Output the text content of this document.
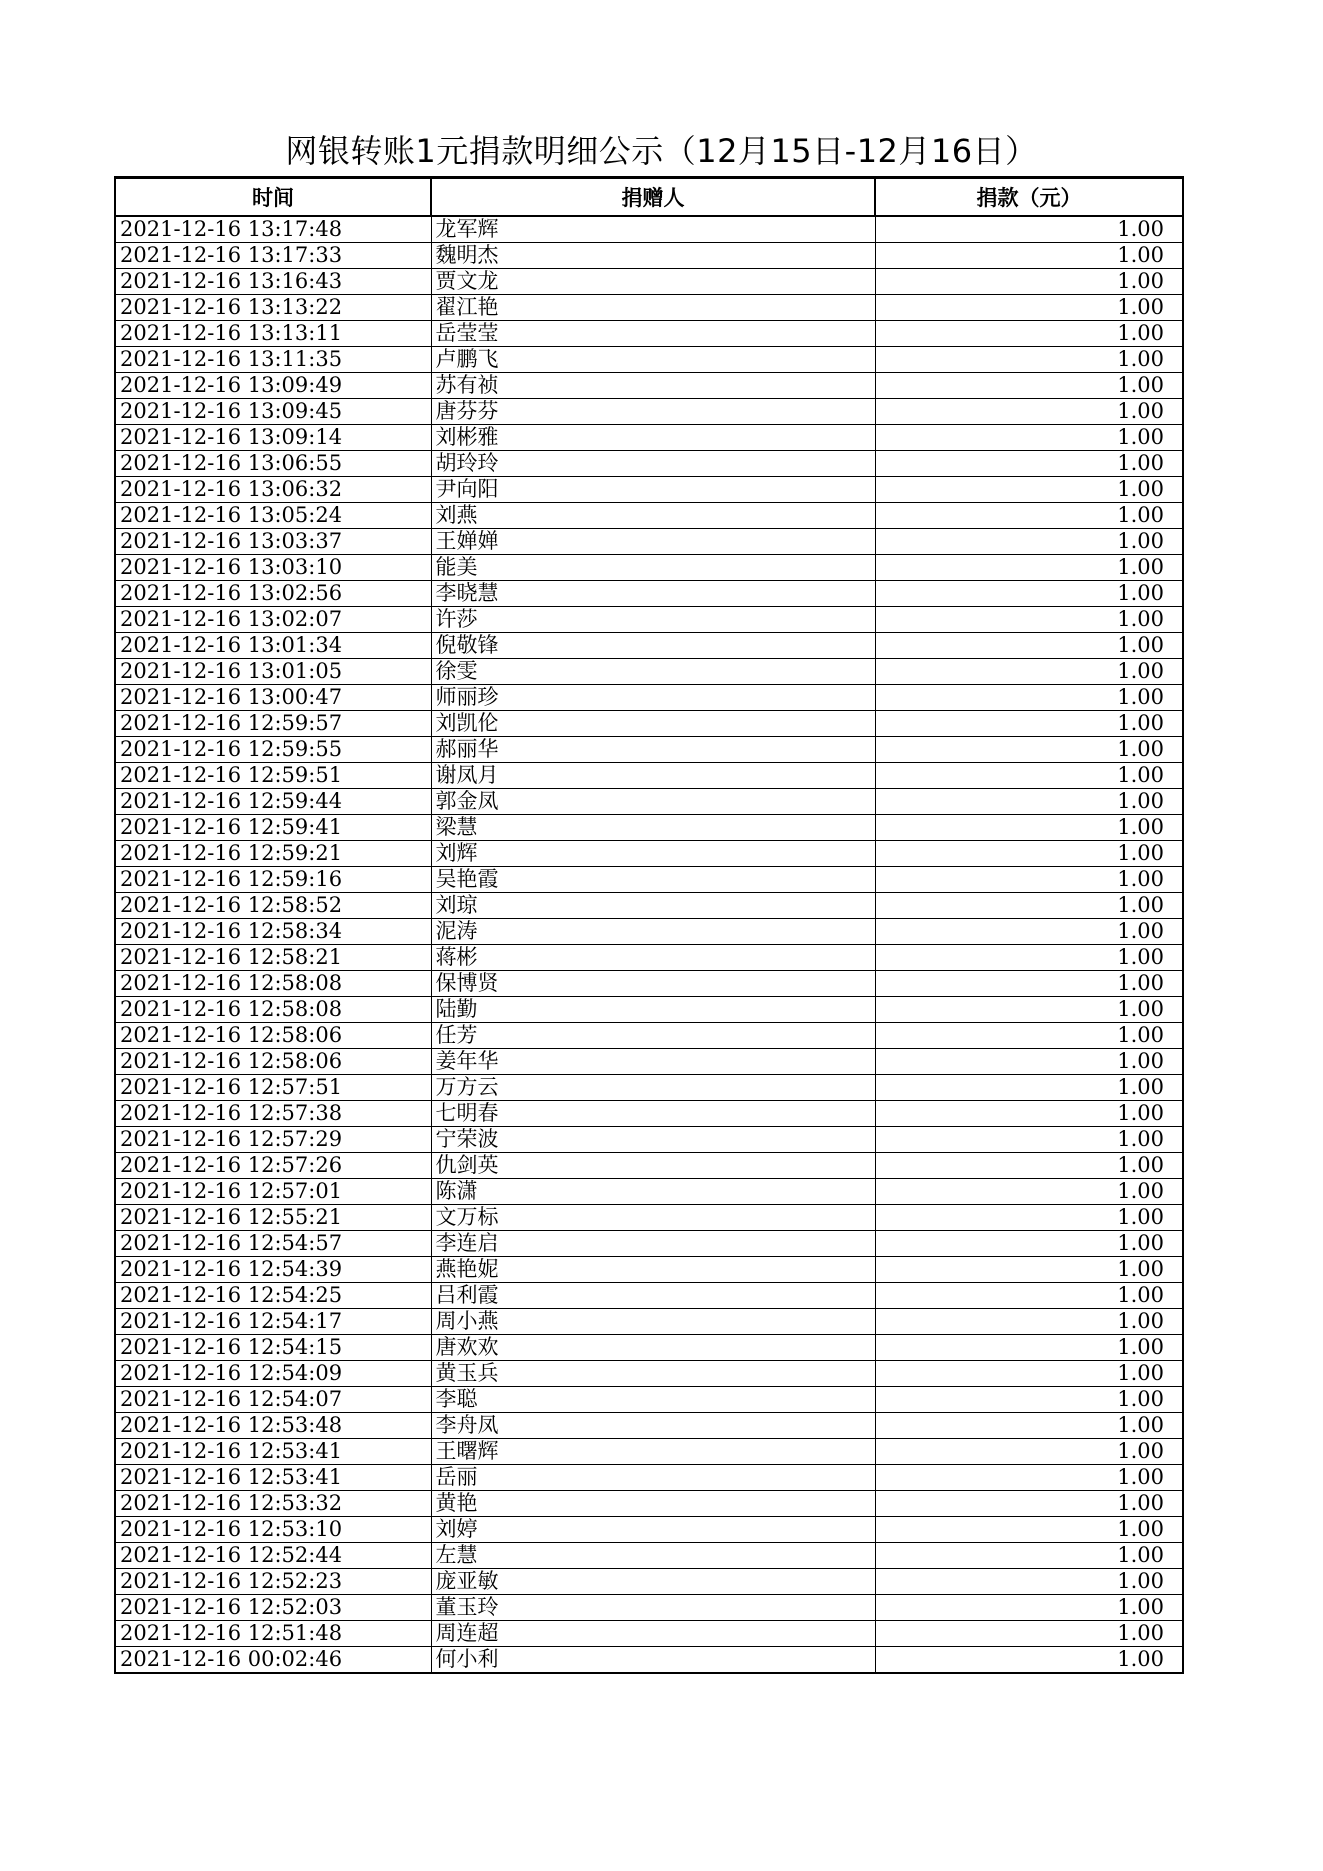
网银转账1元捐款明细公示（12月15日-12月16日）
时间	捐赠人	捐款（元）
2021-12-16 13:17:48	龙军辉	1.00
2021-12-16 13:17:33	魏明杰	1.00
2021-12-16 13:16:43	贾文龙	1.00
2021-12-16 13:13:22	翟江艳	1.00
2021-12-16 13:13:11	岳莹莹	1.00
2021-12-16 13:11:35	卢鹏飞	1.00
2021-12-16 13:09:49	苏有祯	1.00
2021-12-16 13:09:45	唐芬芬	1.00
2021-12-16 13:09:14	刘彬雅	1.00
2021-12-16 13:06:55	胡玲玲	1.00
2021-12-16 13:06:32	尹向阳	1.00
2021-12-16 13:05:24	刘燕	1.00
2021-12-16 13:03:37	王婵婵	1.00
2021-12-16 13:03:10	能美	1.00
2021-12-16 13:02:56	李晓慧	1.00
2021-12-16 13:02:07	许莎	1.00
2021-12-16 13:01:34	倪敬锋	1.00
2021-12-16 13:01:05	徐雯	1.00
2021-12-16 13:00:47	师丽珍	1.00
2021-12-16 12:59:57	刘凯伦	1.00
2021-12-16 12:59:55	郝丽华	1.00
2021-12-16 12:59:51	谢凤月	1.00
2021-12-16 12:59:44	郭金凤	1.00
2021-12-16 12:59:41	梁慧	1.00
2021-12-16 12:59:21	刘辉	1.00
2021-12-16 12:59:16	吴艳霞	1.00
2021-12-16 12:58:52	刘琼	1.00
2021-12-16 12:58:34	泥涛	1.00
2021-12-16 12:58:21	蒋彬	1.00
2021-12-16 12:58:08	保博贤	1.00
2021-12-16 12:58:08	陆勤	1.00
2021-12-16 12:58:06	任芳	1.00
2021-12-16 12:58:06	姜年华	1.00
2021-12-16 12:57:51	万方云	1.00
2021-12-16 12:57:38	七明春	1.00
2021-12-16 12:57:29	宁荣波	1.00
2021-12-16 12:57:26	仇剑英	1.00
2021-12-16 12:57:01	陈潇	1.00
2021-12-16 12:55:21	文万标	1.00
2021-12-16 12:54:57	李连启	1.00
2021-12-16 12:54:39	燕艳妮	1.00
2021-12-16 12:54:25	吕利霞	1.00
2021-12-16 12:54:17	周小燕	1.00
2021-12-16 12:54:15	唐欢欢	1.00
2021-12-16 12:54:09	黄玉兵	1.00
2021-12-16 12:54:07	李聪	1.00
2021-12-16 12:53:48	李舟凤	1.00
2021-12-16 12:53:41	王曙辉	1.00
2021-12-16 12:53:41	岳丽	1.00
2021-12-16 12:53:32	黄艳	1.00
2021-12-16 12:53:10	刘婷	1.00
2021-12-16 12:52:44	左慧	1.00
2021-12-16 12:52:23	庞亚敏	1.00
2021-12-16 12:52:03	董玉玲	1.00
2021-12-16 12:51:48	周连超	1.00
2021-12-16 00:02:46	何小利	1.00
